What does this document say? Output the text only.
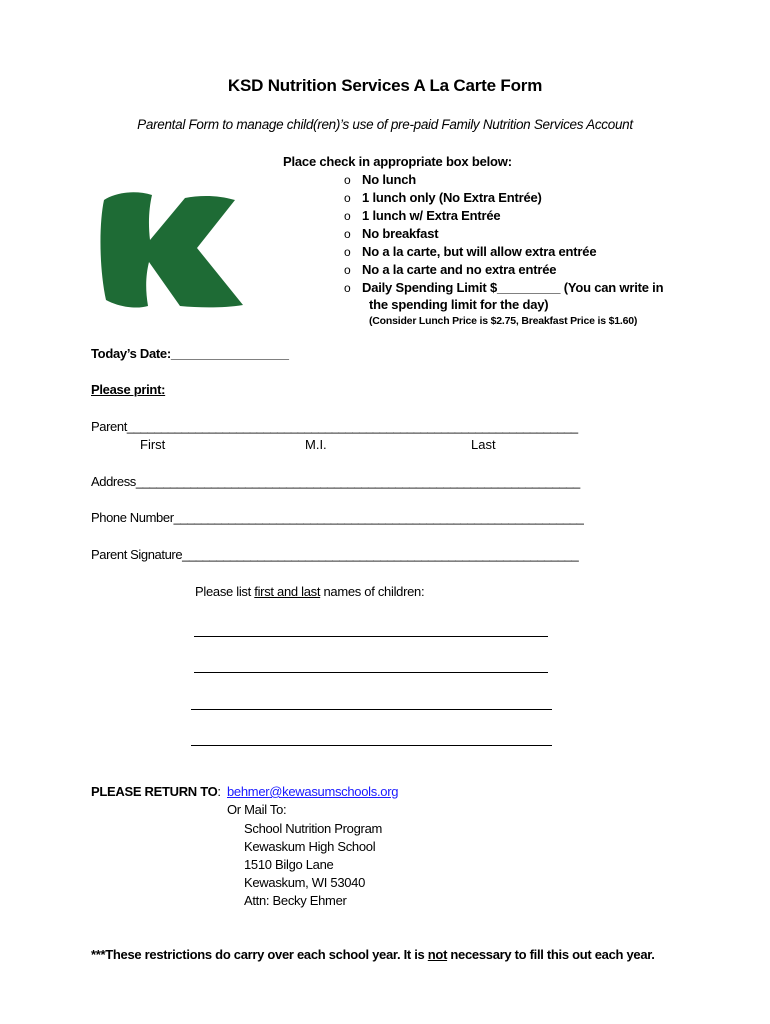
KSD Nutrition Services A La Carte Form
Parental Form to manage child(ren)’s use of pre-paid Family Nutrition Services Account
Place check in appropriate box below:
o No lunch
o 1 lunch only (No Extra Entrée)
o 1 lunch w/ Extra Entrée
o No breakfast
o No a la carte, but will allow extra entrée
o No a la carte and no extra entrée
o Daily Spending Limit $_________ (You can write in
the spending limit for the day)
(Consider Lunch Price is $2.75, Breakfast Price is $1.60)
Today’s Date:_________________
Please print:
Parent__________________________________________________________________
First	M.I.	Last
Address_________________________________________________________________
Phone Number____________________________________________________________
Parent Signature__________________________________________________________
Please list first and last names of children:
PLEASE RETURN TO: behmer@kewasumschools.org
Or Mail To:
School Nutrition Program
Kewaskum High School
1510 Bilgo Lane
Kewaskum, WI 53040
Attn: Becky Ehmer
***These restrictions do carry over each school year. It is not necessary to fill this out each year.
